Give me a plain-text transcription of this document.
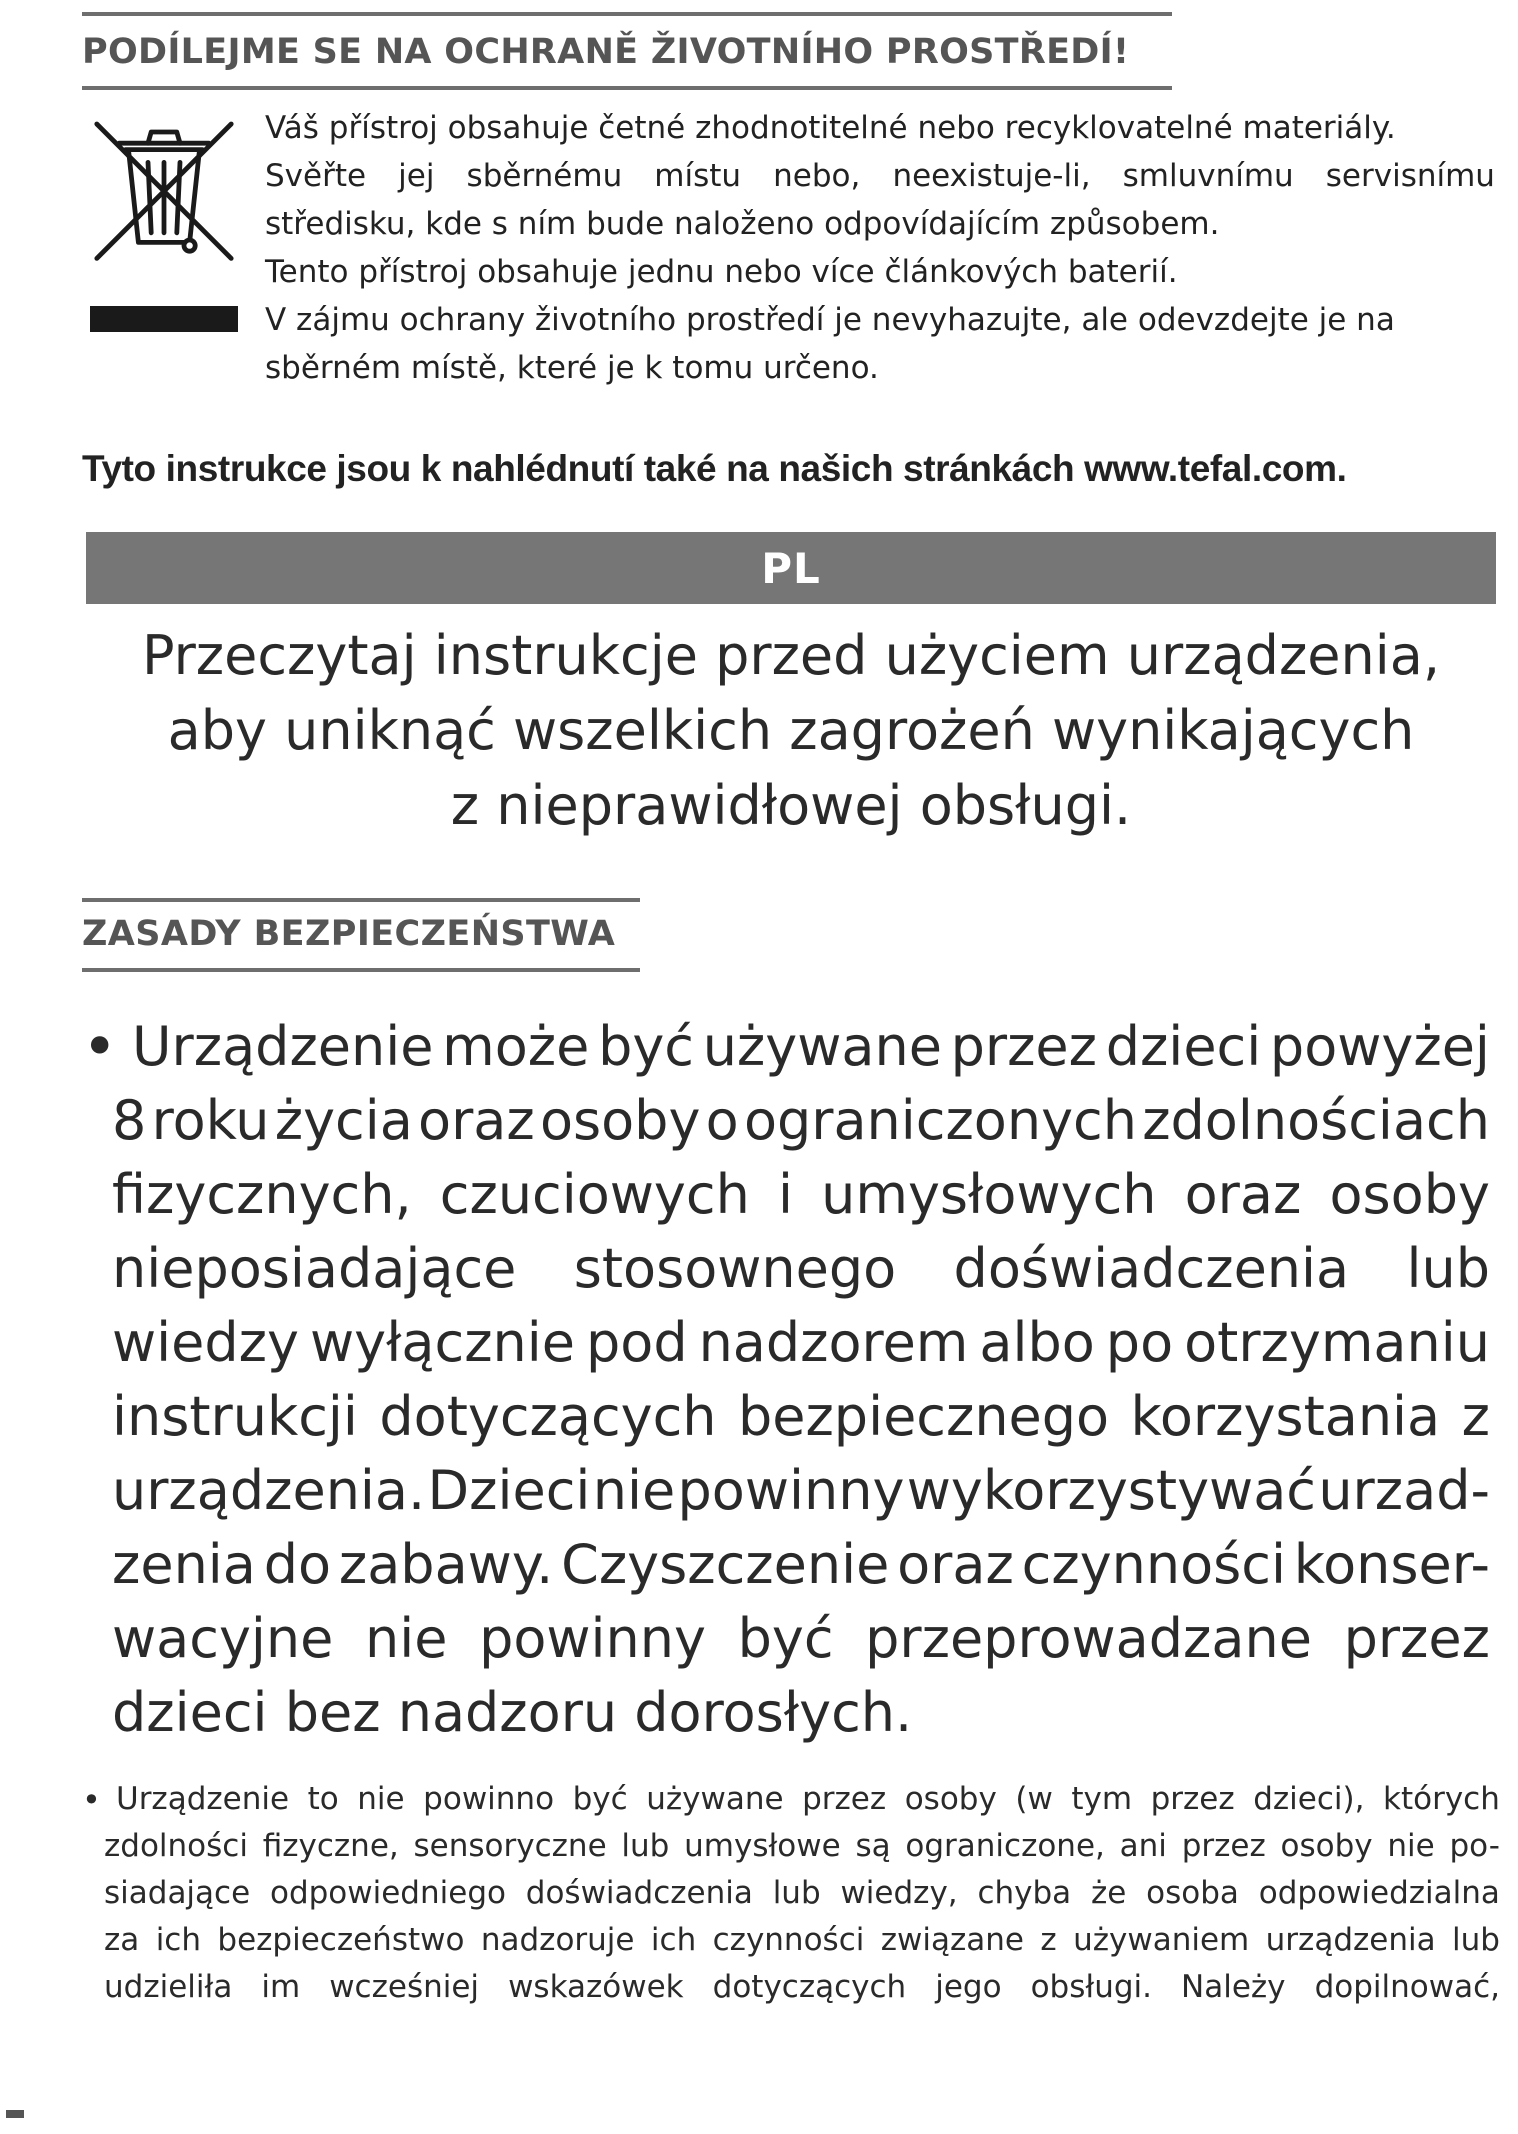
PODÍLEJME SE NA OCHRANĚ ŽIVOTNÍHO PROSTŘEDÍ!
Váš přístroj obsahuje četné zhodnotitelné nebo recyklovatelné materiály.
Svěřte jej sběrnému místu nebo, neexistuje-li, smluvnímu servisnímu
středisku, kde s ním bude naloženo odpovídajícím způsobem.
Tento přístroj obsahuje jednu nebo více článkových baterií.
V zájmu ochrany životního prostředí je nevyhazujte, ale odevzdejte je na
sběrném místě, které je k tomu určeno.
Tyto instrukce jsou k nahlédnutí také na našich stránkách www.tefal.com.
PL
Przeczytaj instrukcje przed użyciem urządzenia,
aby uniknąć wszelkich zagrożeń wynikających
z nieprawidłowej obsługi.
ZASADY BEZPIECZEŃSTWA
• Urządzenie może być używane przez dzieci powyżej
8 roku życia oraz osoby o ograniczonych zdolnościach
fizycznych, czuciowych i umysłowych oraz osoby
nieposiadające stosownego doświadczenia lub
wiedzy wyłącznie pod nadzorem albo po otrzymaniu
instrukcji dotyczących bezpiecznego korzystania z
urządzenia. Dzieci nie powinny wykorzystywać urzad-
zenia do zabawy. Czyszczenie oraz czynności konser-
wacyjne nie powinny być przeprowadzane przez
dzieci bez nadzoru dorosłych.
• Urządzenie to nie powinno być używane przez osoby (w tym przez dzieci), których
zdolności fizyczne, sensoryczne lub umysłowe są ograniczone, ani przez osoby nie po-
siadające odpowiedniego doświadczenia lub wiedzy, chyba że osoba odpowiedzialna
za ich bezpieczeństwo nadzoruje ich czynności związane z używaniem urządzenia lub
udzieliła im wcześniej wskazówek dotyczących jego obsługi. Należy dopilnować,
